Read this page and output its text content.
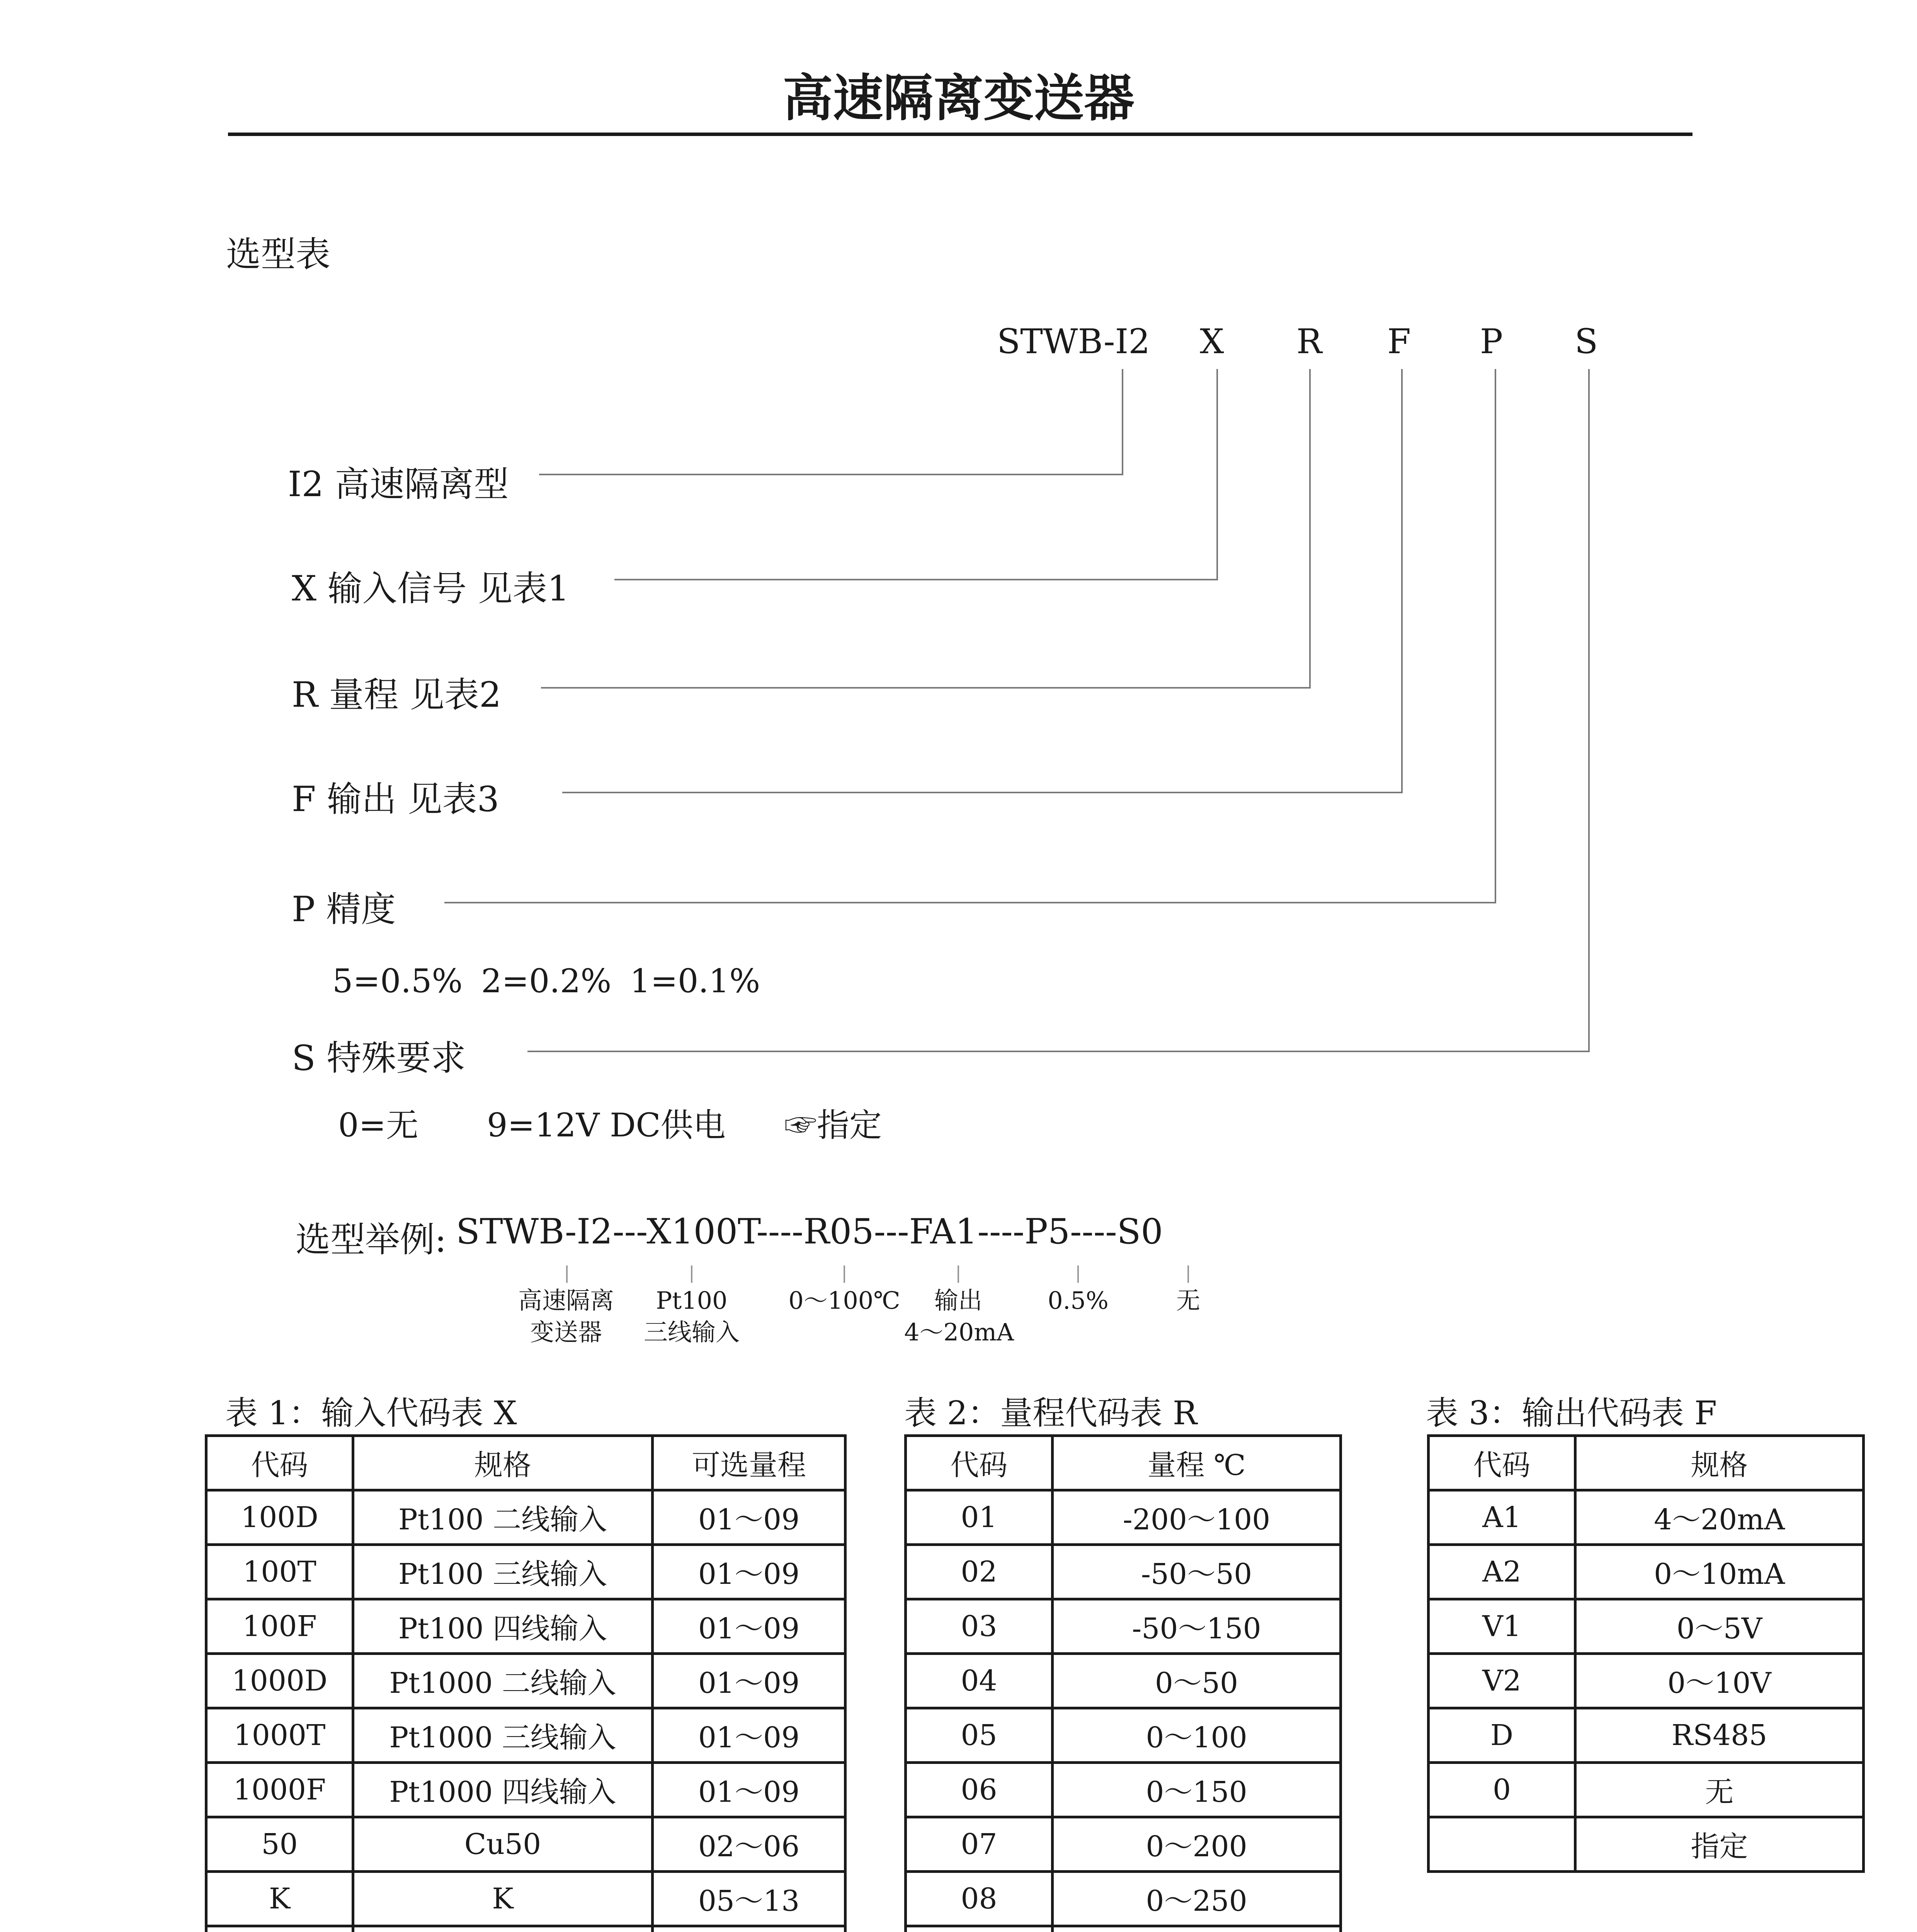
高速隔离变送器
选型表
STWB-I2 X R F P S
I2 高速隔离型
X 输入信号 见表1
R 量程 见表2
F 输出 见表3
P 精度
5=0.5% 2=0.2% 1=0.1%
S 特殊要求
0=无 9=12V DC供电 ☞指定
选型举例: STWB-I2---X100T----R05---FA1----P5----S0
高速隔离
变送器
Pt100
三线输入
0～100℃	输出
4～20mA
0.5%	无
表 1：输入代码表 X	表 2：量程代码表 R	表 3：输出代码表 F
代码	规格	可选量程
100D	Pt100 二线输入	01～09
100T	Pt100 三线输入	01～09
100F	Pt100 四线输入	01～09
1000D	Pt1000 二线输入	01～09
1000T	Pt1000 三线输入	01～09
1000F	Pt1000 四线输入	01～09
50	Cu50	02～06
K	K	05～13

代码	量程 ℃
01	-200～100
02	-50～50
03	-50～150
04	0～50
05	0～100
06	0～150
07	0～200
08	0～250

代码	规格
A1	4～20mA
A2	0～10mA
V1	0～5V
V2	0～10V
D	RS485
0	无
	指定
